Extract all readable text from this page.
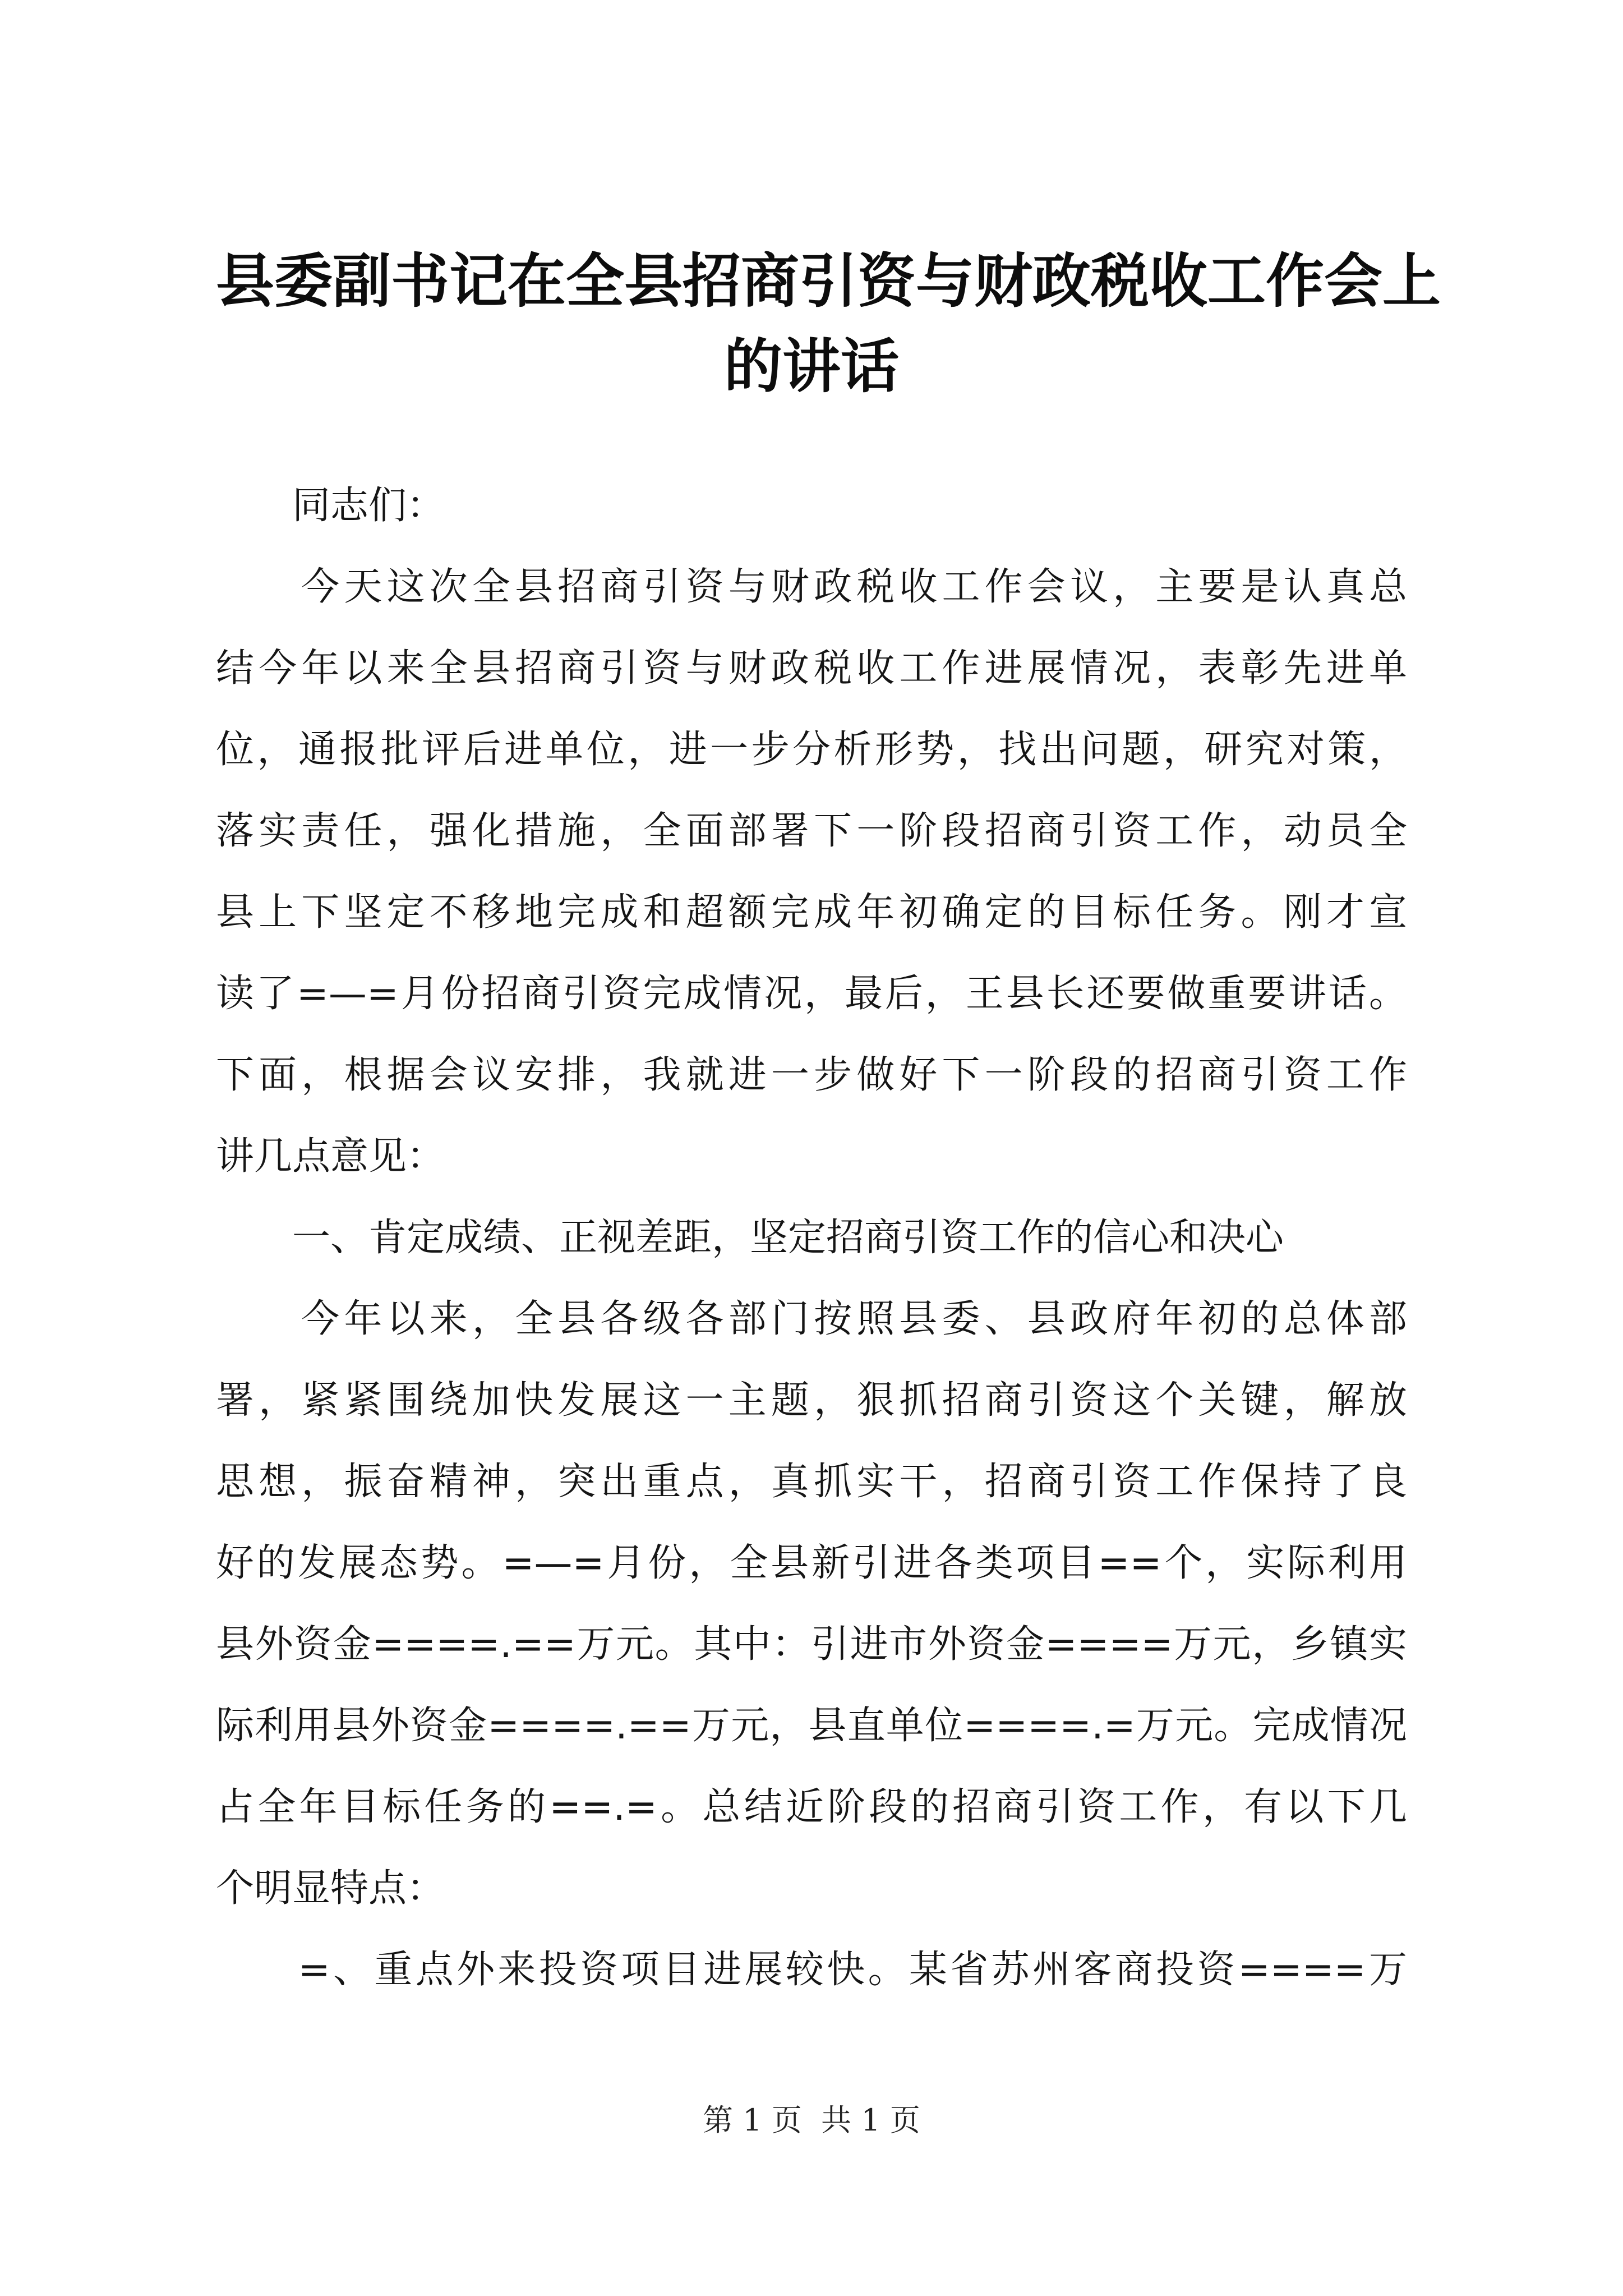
县委副书记在全县招商引资与财政税收工作会上
的讲话
　　同志们：
　　今天这次全县招商引资与财政税收工作会议，主要是认真总
结今年以来全县招商引资与财政税收工作进展情况，表彰先进单
位，通报批评后进单位，进一步分析形势，找出问题，研究对策，
落实责任，强化措施，全面部署下一阶段招商引资工作，动员全
县上下坚定不移地完成和超额完成年初确定的目标任务。刚才宣
读了=—=月份招商引资完成情况，最后，王县长还要做重要讲话。
下面，根据会议安排，我就进一步做好下一阶段的招商引资工作
讲几点意见：
　　一、肯定成绩、正视差距，坚定招商引资工作的信心和决心
　　今年以来，全县各级各部门按照县委、县政府年初的总体部
署，紧紧围绕加快发展这一主题，狠抓招商引资这个关键，解放
思想，振奋精神，突出重点，真抓实干，招商引资工作保持了良
好的发展态势。=—=月份，全县新引进各类项目==个，实际利用
县外资金====.==万元。其中：引进市外资金====万元，乡镇实
际利用县外资金====.==万元，县直单位====.=万元。完成情况
占全年目标任务的==.=。总结近阶段的招商引资工作，有以下几
个明显特点：
　　=、重点外来投资项目进展较快。某省苏州客商投资====万
第 1 页  共 1 页
